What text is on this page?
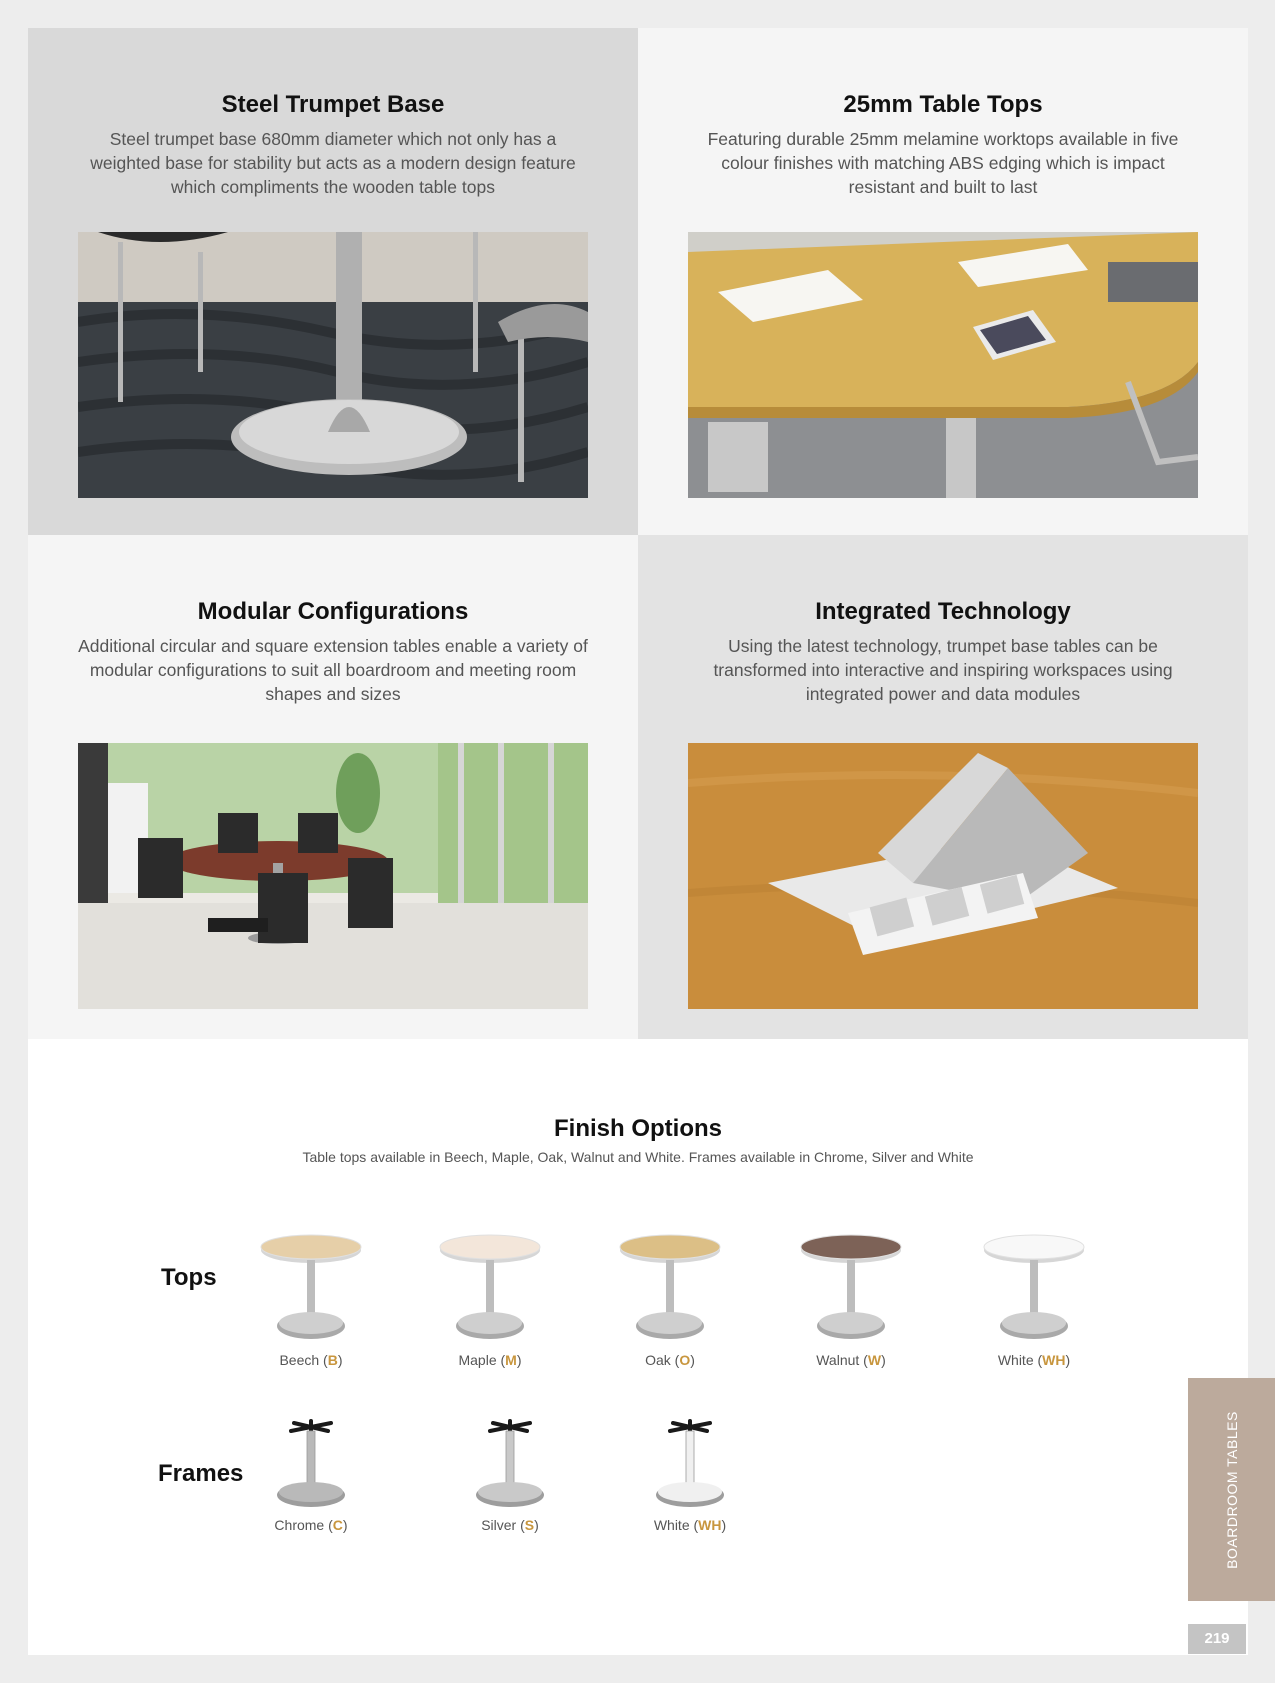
Steel Trumpet Base

Steel trumpet base 680mm diameter which not only has a weighted base for stability but acts as a modern design feature which compliments the wooden table tops

25mm Table Tops

Featuring durable 25mm melamine worktops available in five colour finishes with matching ABS edging which is impact resistant and built to last

Modular Configurations

Additional circular and square extension tables enable a variety of modular configurations to suit all boardroom and meeting room shapes and sizes

Integrated Technology

Using the latest technology, trumpet base tables can be transformed into interactive and inspiring workspaces using integrated power and data modules

Finish Options
Table tops available in Beech, Maple, Oak, Walnut and White. Frames available in Chrome, Silver and White
Tops
Frames
Beech (B)	Maple (M)	Oak (O)	Walnut (W)	White (WH)
Chrome (C)	Silver (S)	White (WH)	BOARDROOM TABLES
219
